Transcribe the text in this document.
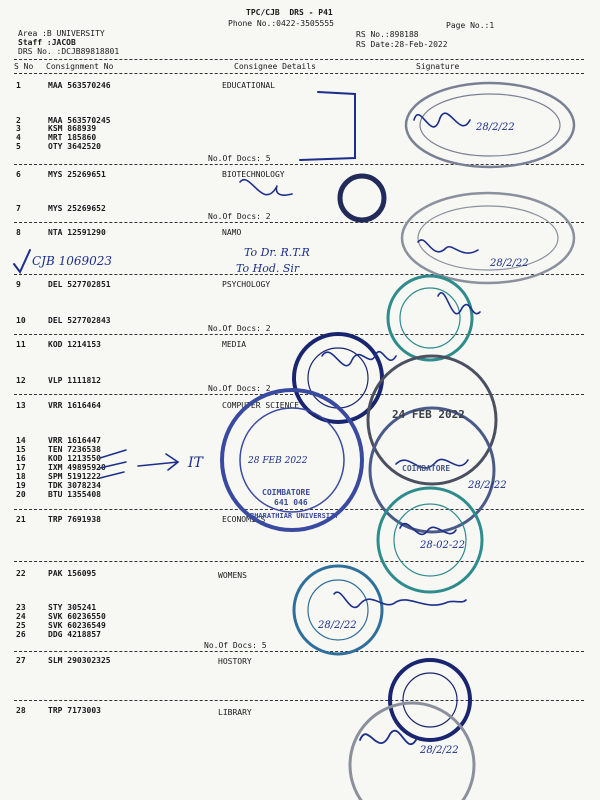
TPC/CJB  DRS - P41
Phone No.:0422-3505555
Area :B UNIVERSITY
Staff :JACOB
DRS No. :DCJB89818801
RS No.:898188
RS Date:28-Feb-2022
Page No.:1
S No Consignment No	Consignee Details	Signature
1	MAA 563570246	EDUCATIONAL
2	MAA 563570245
3	KSM 868939
4	MRT 185860
5	OTY 3642520
No.Of Docs: 5
6	MYS 25269651	BIOTECHNOLOGY
7	MYS 25269652
No.Of Docs: 2
8	NTA 12591290	NAMO
9	DEL 527702851	PSYCHOLOGY
10	DEL 527702843
No.Of Docs: 2
11	KOD 1214153	MEDIA
12	VLP 1111812
No.Of Docs: 2
13	VRR 1616464	COMPUTER SCIENCE
14	VRR 1616447
15	TEN 7236538
16	KOD 1213550
17	IXM 49895920
18	SPM 5191222
19	TDK 3078234
20	BTU 1355408
21	TRP 7691938	ECONOMICS
22	PAK 156095	WOMENS
23	STY 305241
24	SVK 60236550
25	SVK 60236549
26	DDG 4218857
No.Of Docs: 5
27	SLM 290302325	HOSTORY
28	TRP 7173003	LIBRARY
COIMBATORE
641 046
BHARATHIAR UNIVERSITY
COIMBATORE
24 FEB 2022
To Dr. R.T.R
To Hod. Sir
CJB 1069023
IT
28/2/22
28/2/22
28/2/22
28-02-22
28/2/22
28/2/22
28 FEB 2022
